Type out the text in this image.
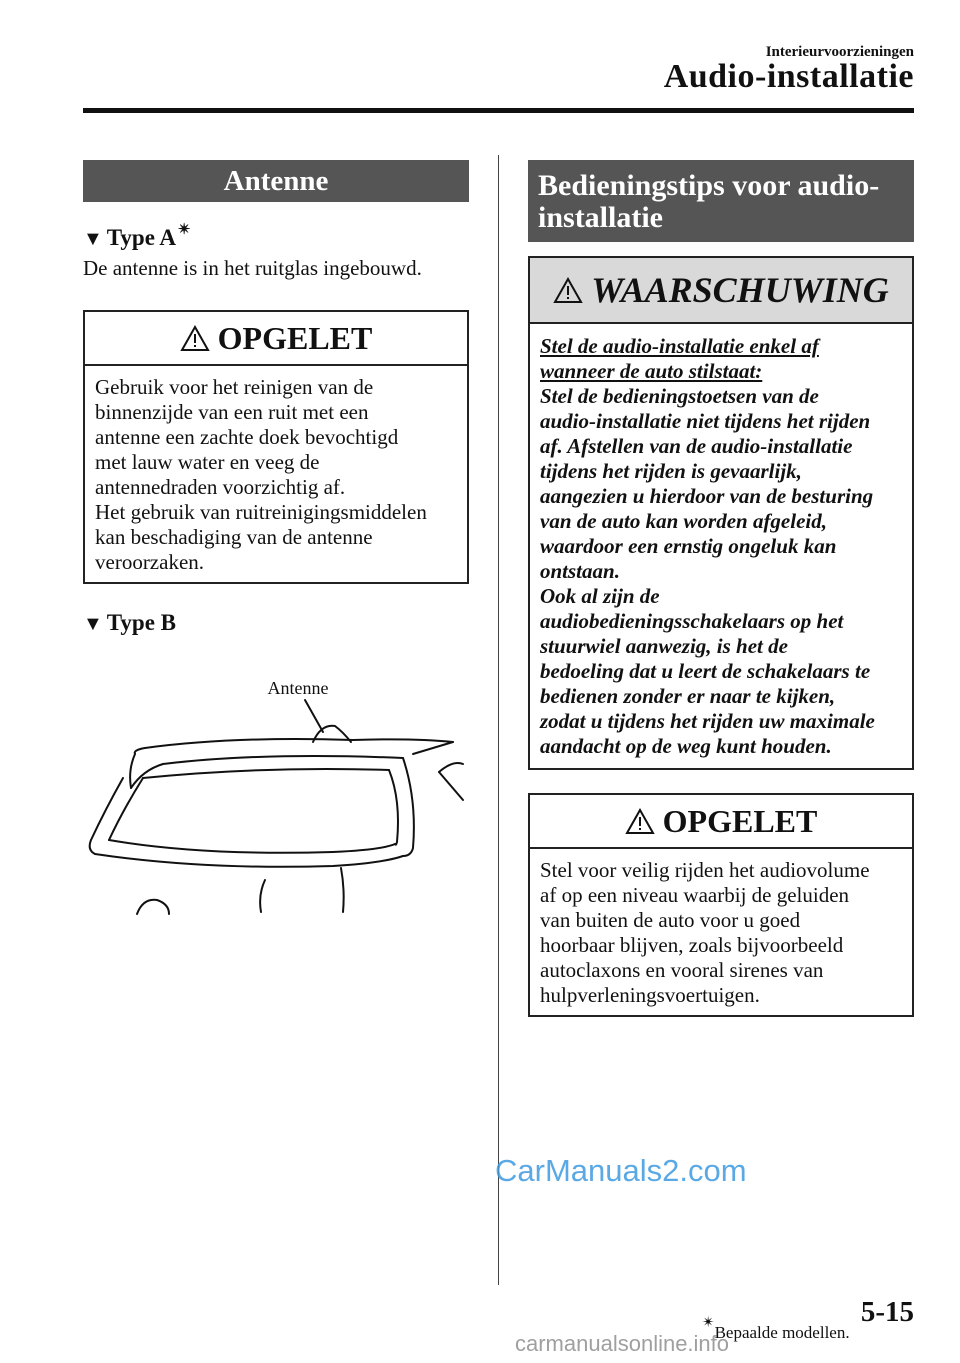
Interieurvoorzieningen
Audio-installatie
Antenne
▼ Type A ✴
De antenne is in het ruitglas ingebouwd.
OPGELET
Gebruik voor het reinigen van de
binnenzijde van een ruit met een
antenne een zachte doek bevochtigd
met lauw water en veeg de
antennedraden voorzichtig af.
Het gebruik van ruitreinigingsmiddelen
kan beschadiging van de antenne
veroorzaken.
▼ Type B
Antenne
Bedieningstips voor audio-
installatie
WAARSCHUWING
Stel de audio-installatie enkel af
wanneer de auto stilstaat:
Stel de bedieningstoetsen van de
audio-installatie niet tijdens het rijden
af. Afstellen van de audio-installatie
tijdens het rijden is gevaarlijk,
aangezien u hierdoor van de besturing
van de auto kan worden afgeleid,
waardoor een ernstig ongeluk kan
ontstaan.
Ook al zijn de
audiobedieningsschakelaars op het
stuurwiel aanwezig, is het de
bedoeling dat u leert de schakelaars te
bedienen zonder er naar te kijken,
zodat u tijdens het rijden uw maximale
aandacht op de weg kunt houden.
OPGELET
Stel voor veilig rijden het audiovolume
af op een niveau waarbij de geluiden
van buiten de auto voor u goed
hoorbaar blijven, zoals bijvoorbeeld
autoclaxons en vooral sirenes van
hulpverleningsvoertuigen.
CarManuals2.com
✴Bepaalde modellen.
5-15
carmanualsonline.info
